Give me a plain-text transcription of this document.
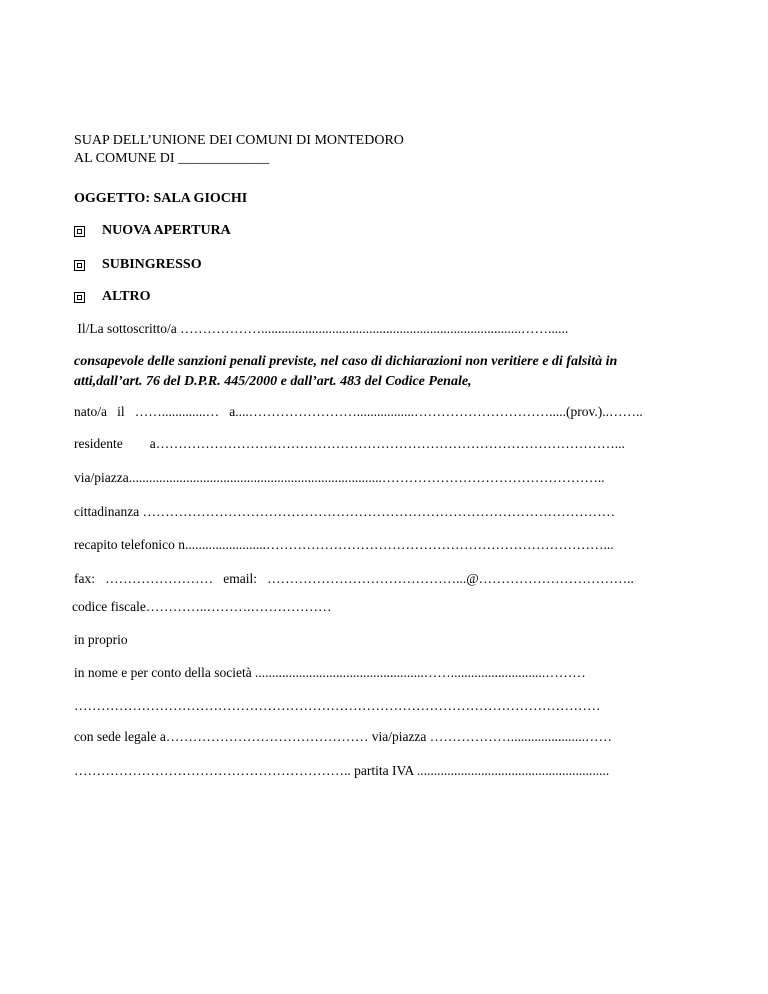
SUAP DELL’UNIONE DEI COMUNI DI MONTEDORO
AL COMUNE DI _____________
OGGETTO: SALA GIOCHI
NUOVA APERTURA
SUBINGRESSO
ALTRO
Il/La sottoscritto/a ……………….............................................................................……......
consapevole delle sanzioni penali previste, nel caso di dichiarazioni non veritiere e di falsità in atti,dall’art. 76 del D.P.R. 445/2000 e dall’art. 483 del Codice Penale,
nato/a   il   …….............…   a....…………………….................………………………….....(prov.)..……..
residente        a…………………………………………………………………………………………...
via/piazza...........................................................................…………………………………………..
cittadinanza ……………………………………………………………………………………………
recapito telefonico n........................…………………………………………………………………...
fax:   ……………………   email:   ……………………………………...@……………………………..
codice fiscale…………..……….………………
in proprio
in nome e per conto della società ..................................................……............................………
………………………………………………………………………………………………………
con sede legale a……………………………………… via/piazza ………………......................……
…………………………………………………….. partita IVA .........................................................
